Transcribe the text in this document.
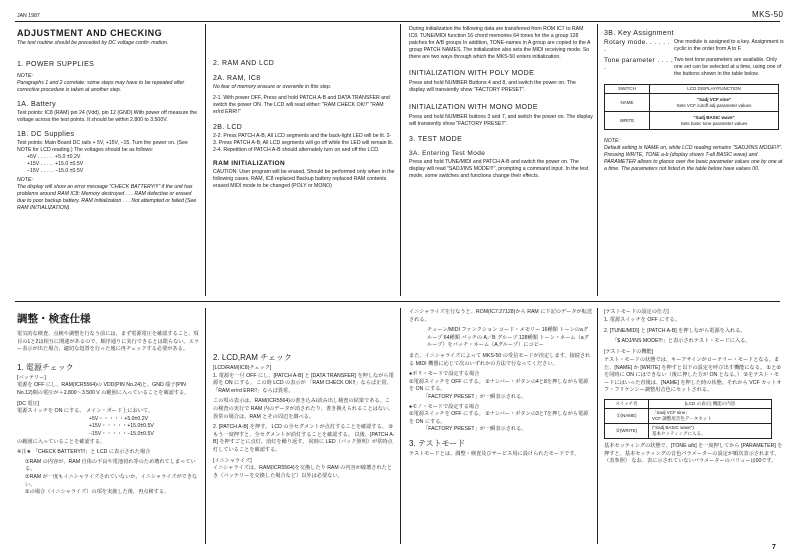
JAN 1987	MKS-50
ADJUSTMENT AND CHECKING
The test routine should be preceded by DC voltage confir- mation.
1. POWER SUPPLIES
NOTE:
Paragraphs 1 and 2 correlate: some steps may have to be repeated after corrective procedure is taken at another step.
1A. Battery
Test points: IC8 (RAM) pin 24 (Vdd), pin 12 (GND) With power off measure the voltage across the test points. It should be within 2.800 to 3.500V.
1B. DC Supplies
Test points: Main Board DC rails + 5V, +15V, −15. Turn the power on. (See NOTE for LCD reading.) The voltages should be as follows:
+5V . . . . . . +5.0 ±0.2V
+15V . . . . . +15.0 ±0.5V
−15V . . . . . −15.0 ±0.5V
NOTE:
The display will show an error message "CHECK BATTERY!!!" if the unit has problems around RAM IC8: Memory destroyed . . . RAM defective or erased due to poor backup battery. RAM Initialization . . . Not attempted or failed (See RAM INITIALIZATION)
2. RAM AND LCD
2A. RAM, IC8
No fear of memory erasure or overwrite in this step.
2-1. With power OFF, Press and hold PATCH A-B and DATA TRANSFER and switch the power ON. The LCD will read either: "RAM CHECK OK!!" "RAM er/rd ERR!!"
2B. LCD
2-2. Press PATCH A-B; All LCD segments and the back-light LED will be lit. 2-3. Press PATCH A-B; All LCD segments will go off while the LED will remain lit. 2-4. Repetition of PATCH A-B should alternately turn on and off the LCD.
RAM INITIALIZATION
CAUTION: User program will be erased. Should be performed only when in the following cases. RAM, IC8 replaced Backup battery replaced RAM contents erased MIDI mode to be changed (POLY or MONO)
During initialization the following data are transferred from ROM IC7 to RAM IC8. TUNE/MIDI function 16 chord memories 64 tones for the a group 128 patches for A/B groups In addition, TONE-names in A group are copied to the A group PATCH NAMES. The initialization also sets the MIDI receiving mode. So there are two ways through which the MKS-50 enters initialization.
INITIALIZATION WITH POLY MODE
Press and hold NUMBER Buttons 4 and 8, and switch the power on. The display will transiently show "FACTORY PRESET".
INITIALIZATION WITH MONO MODE
Press and hold NUMBER buttons 3 and 7, and switch the power on. The display will transiently show "FACTORY PRESET".
3. TEST MODE
3A. Entering Test Mode
Press and hold TUNE/MIDI and PATCH A-B and switch the power on. The display will read "SADJ/INS MODE!!!", prompting a command input. In the test mode, some switches and functions change their effects.
3B. Key Assignment
Rotary mode. . . . . . .
One module is assigned to a key. Assignment is cyclic in the order from A to F.
Tone parameter . . . . .
Two test tone parameters are available. Only one set can be selected at a time, using one of the buttons shown in the table below.
SWITCH	LCD DISPLAY/FUNCTION
NAME	"Sadj VCF sine"
Sets VCF cutoff adj parameter values

WRITE	"Sadj BASIC wave"
Sets basic tone parameter values
NOTE:
Default setting is NAME on, while LCD reading remains "SADJ/INS MODE!!!". Pressing WRITE, TONE a-b (display shows T-all BASIC wave) and PARAMETER allows to glance over the basic parameter values one by one at a time. The parameters not listed in the table below have values 00.
調整・検査仕様
電気的な検査、点検や調整を行なう前には、まず電源電圧を確認すること。項目の1と2は相互に関連があるので、順序通りに実行できるとは限らない。エラー表示が出た場合、適切な処置を行った後に再チェックする必要がある。
1. 電源チェック
[バッテリー]
電源を OFF にし、RAM(ICR5564)の VDD(PIN No.24)と、GND 端子(PIN No.12)間の電圧が＋2.800〜3.500 V の範囲に入っていることを確認する。
[DC 電圧]
電源スイッチを ON にする。 メイン・ボード上において、
+5V・・・・・+5.0±0.2V
+15V・・・・・+15.0±0.5V
−15V・・・・・−15.0±0.5V
の範囲に入っていることを確認する。
※注★ 「CHECK BATTERY!!!」と LCD に表示された場合
①RAM の内容が、RAM 自体の不良や電池切れ等のため壊れてしまっている。
②RAM が一度もイニシャライズされていないか、イニシャライズができない。
②の場合（イニシャライズ）の項を実施した後、再点検する。
2. LCD,RAM チェック
[LCD/RAM(IC8)チェック]
1. 電源を一旦 OFF にし、[PATCH A-B] と [DATA TRANSFER] を押しながら電源を ON にする。 この時 LCD の表示が 「RAM CHECK OK!!」ならば正常。 「RAM er/rd ERR!!」ならば異常。
この項の表示は、RAM(ICR5564)の書き込み/読み出し検査の結果である。この検査の実行で RAM 内のデータが消されたり、書き換えられることはない。異常の場合は、RAM とその周辺を調べる。
2. [PATCH A-B] を押す。 LCD の全セグメントが点灯することを確認する。 ③もう一度押すと、全セグメントが消灯することを確認する。 以後、[PATCH A-B] を押すごとに点灯、消灯を繰り返す。 同時に LED（バック照明）が常時点灯していることを確認する。
[イニシャライズ]
イニシャライズは、RAM(ICR5564)を交換したり RAM の内容が破壊されたとき（バッテリーを交換した場合など）以外は必要ない。
イニシャライズを行なうと、ROM(IC7:27128)から RAM に下記のデータが転送される。
チューン/MIDI ファンクション コード・メモリー 16種類 トーンのaグループ 64種類 パッチの A／B グループ 128種類 トーン・ネーム（aグループ）をパッチ・ネーム（Aグループ）にコピー
また、イニシャライズによって MKS-50 の受信モードが決定します。接続される MIDI 機器に応じて次のいずれかの方法で行なってください。
●ポリ・モードで設定する場合
①電源スイッチを OFF にする。 ②ナンバー・ボタンの4と8を押しながら電源を ON にする。
「FACTORY PRESET」が一瞬表示される。
●モノ・モードで設定する場合
①電源スイッチを OFF にする。 ②ナンバー・ボタンの3と7を押しながら電源を ON にする。
「FACTORY PRESET」が一瞬表示される。
3. テストモード
テストモードとは、調整・検査及びサービス用に設けられたモードです。
[テストモードの設定の仕方]
1. 電源スイッチを OFF にする。
2. [TUNE/MIDI] と [PATCH A-B] を押しながら電源を入れる。
「$ ADJ/INS MODE!!!」と表示されテスト・モードに入る。
[テストモードの機能]
テスト・モードの状態では、キーアサインがローテリー・モードとなる。また、[NAME] か [WRITE] を押すと以下の設定を呼び出す機能になる。 ①と②を同時に ON にはできない（後に押した方が ON となる。） ②をテスト・モードにはいった直後は、[NAME] を押した時の状態。それから VCF カットオフ・フリケンシー調整用音色にセットされる。
スイッチ名	(LCD の表示) 機能の内容
①(NAME)	「Sadj VCF sine」
VCF 調整用音色データセット

②(WRITE)	("Sadj BASIC wave")
基本セッティングに入る。
基本セッティングの状態で、[TONE a/b] を一度押してから [PARAMETER] を押すと、基本セッティングの音色パラメーターの設定が順次表示されます。（表参照） なお、表に示されていないパラメーターのバリューは00です。
7
